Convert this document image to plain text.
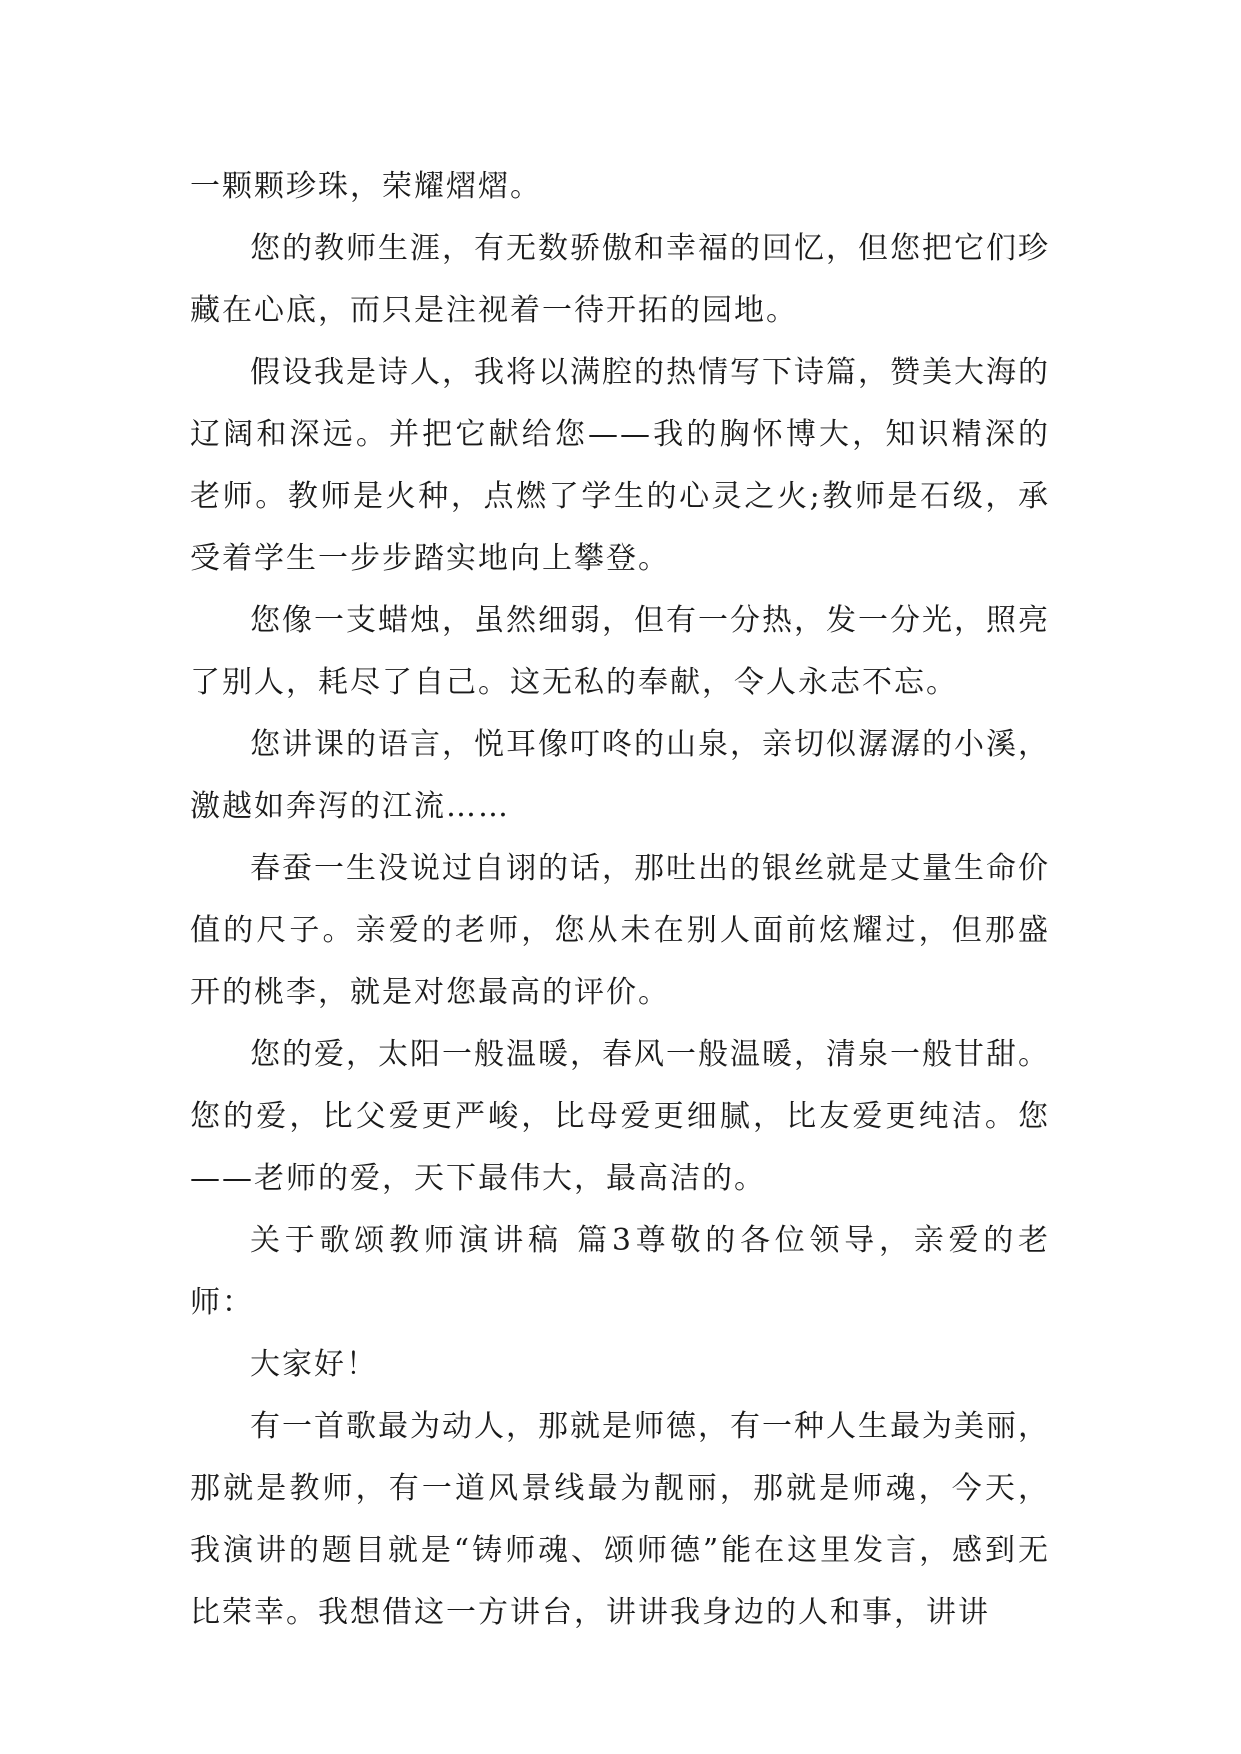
一颗颗珍珠，荣耀熠熠。

您的教师生涯，有无数骄傲和幸福的回忆，但您把它们珍藏在心底，而只是注视着一待开拓的园地。

假设我是诗人，我将以满腔的热情写下诗篇，赞美大海的辽阔和深远。并把它献给您——我的胸怀博大，知识精深的老师。教师是火种，点燃了学生的心灵之火;教师是石级，承受着学生一步步踏实地向上攀登。

您像一支蜡烛，虽然细弱，但有一分热，发一分光，照亮了别人，耗尽了自己。这无私的奉献，令人永志不忘。

您讲课的语言，悦耳像叮咚的山泉，亲切似潺潺的小溪，激越如奔泻的江流……

春蚕一生没说过自诩的话，那吐出的银丝就是丈量生命价值的尺子。亲爱的老师，您从未在别人面前炫耀过，但那盛开的桃李，就是对您最高的评价。

您的爱，太阳一般温暖，春风一般温暖，清泉一般甘甜。您的爱，比父爱更严峻，比母爱更细腻，比友爱更纯洁。您——老师的爱，天下最伟大，最高洁的。

关于歌颂教师演讲稿 篇3尊敬的各位领导，亲爱的老师：

大家好！

有一首歌最为动人，那就是师德，有一种人生最为美丽，那就是教师，有一道风景线最为靓丽，那就是师魂，今天，我演讲的题目就是“铸师魂、颂师德”能在这里发言，感到无比荣幸。我想借这一方讲台，讲讲我身边的人和事，讲讲
